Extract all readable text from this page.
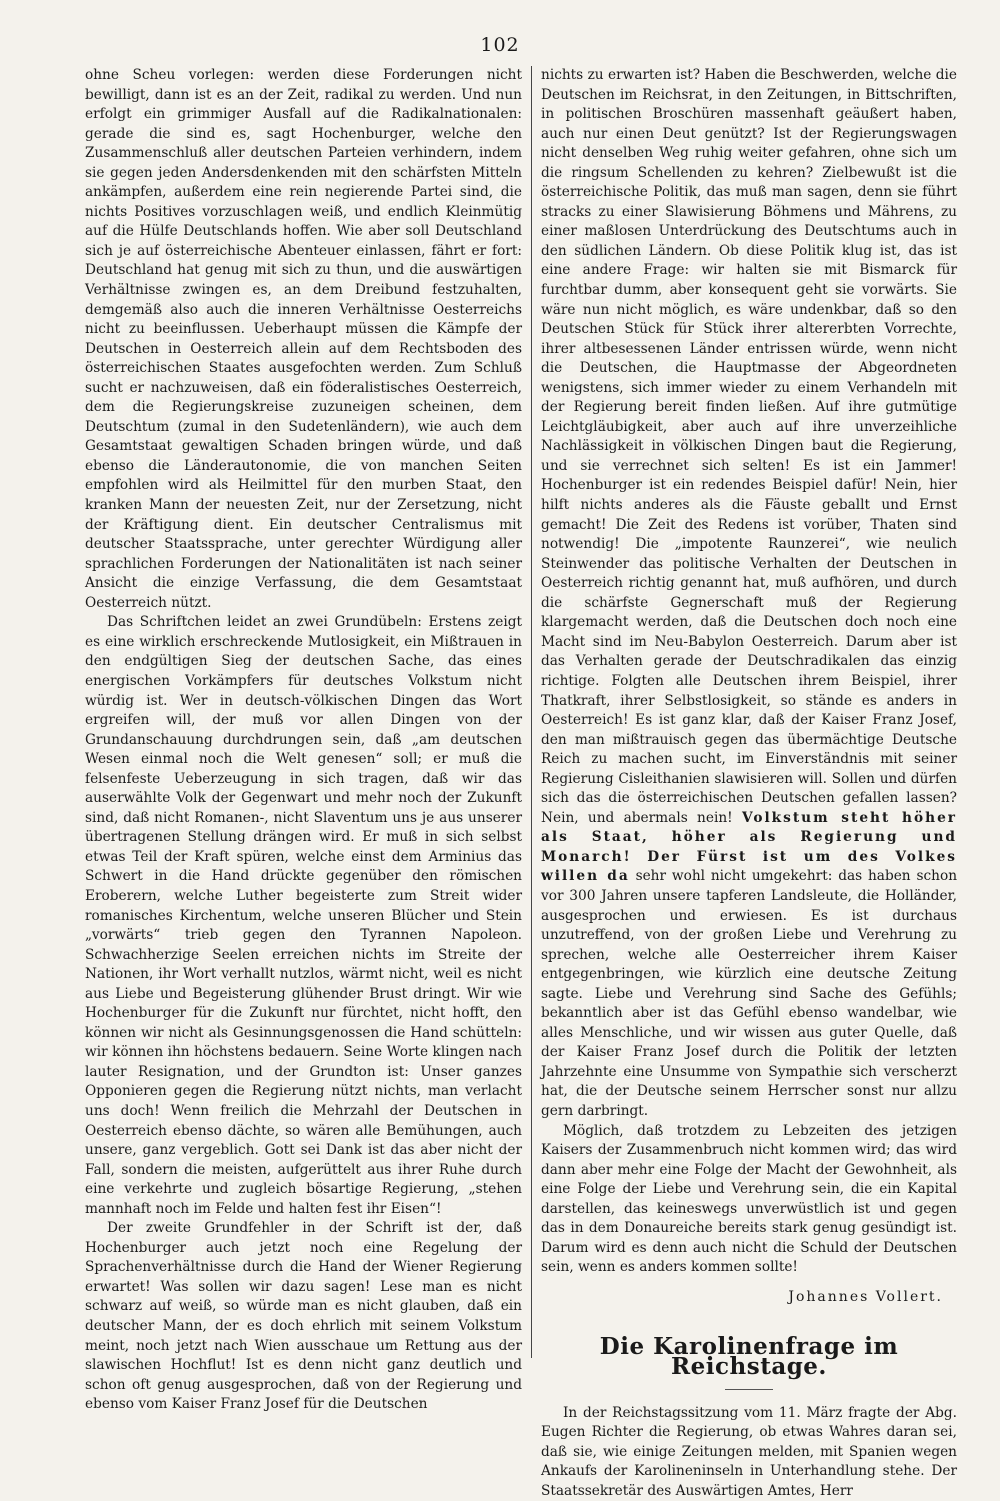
102

ohne Scheu vorlegen: werden diese Forderungen nicht bewilligt, dann ist es an der Zeit, radikal zu werden. Und nun erfolgt ein grimmiger Ausfall auf die Radikalnationalen: gerade die sind es, sagt Hochenburger, welche den Zusammenschluß aller deutschen Parteien verhindern, indem sie gegen jeden Andersdenkenden mit den schärfsten Mitteln ankämpfen, außerdem eine rein negierende Partei sind, die nichts Positives vorzuschlagen weiß, und endlich Kleinmütig auf die Hülfe Deutschlands hoffen. Wie aber soll Deutschland sich je auf österreichische Abenteuer einlassen, fährt er fort: Deutschland hat genug mit sich zu thun, und die auswärtigen Verhältnisse zwingen es, an dem Dreibund festzuhalten, demgemäß also auch die inneren Verhältnisse Oesterreichs nicht zu beeinflussen. Ueberhaupt müssen die Kämpfe der Deutschen in Oesterreich allein auf dem Rechtsboden des österreichischen Staates ausgefochten werden. Zum Schluß sucht er nachzuweisen, daß ein föderalistisches Oesterreich, dem die Regierungskreise zuzuneigen scheinen, dem Deutschtum (zumal in den Sudetenländern), wie auch dem Gesamtstaat gewaltigen Schaden bringen würde, und daß ebenso die Länderautonomie, die von manchen Seiten empfohlen wird als Heilmittel für den murben Staat, den kranken Mann der neuesten Zeit, nur der Zersetzung, nicht der Kräftigung dient. Ein deutscher Centralismus mit deutscher Staatssprache, unter gerechter Würdigung aller sprachlichen Forderungen der Nationalitäten ist nach seiner Ansicht die einzige Verfassung, die dem Gesamtstaat Oesterreich nützt.

Das Schriftchen leidet an zwei Grundübeln: Erstens zeigt es eine wirklich erschreckende Mutlosigkeit, ein Mißtrauen in den endgültigen Sieg der deutschen Sache, das eines energischen Vorkämpfers für deutsches Volkstum nicht würdig ist. Wer in deutsch-völkischen Dingen das Wort ergreifen will, der muß vor allen Dingen von der Grundanschauung durchdrungen sein, daß „am deutschen Wesen einmal noch die Welt genesen“ soll; er muß die felsenfeste Ueberzeugung in sich tragen, daß wir das auserwählte Volk der Gegenwart und mehr noch der Zukunft sind, daß nicht Romanen-, nicht Slaventum uns je aus unserer übertragenen Stellung drängen wird. Er muß in sich selbst etwas Teil der Kraft spüren, welche einst dem Arminius das Schwert in die Hand drückte gegenüber den römischen Eroberern, welche Luther begeisterte zum Streit wider romanisches Kirchentum, welche unseren Blücher und Stein „vorwärts“ trieb gegen den Tyrannen Napoleon. Schwachherzige Seelen erreichen nichts im Streite der Nationen, ihr Wort verhallt nutzlos, wärmt nicht, weil es nicht aus Liebe und Begeisterung glühender Brust dringt. Wir wie Hochenburger für die Zukunft nur fürchtet, nicht hofft, den können wir nicht als Gesinnungsgenossen die Hand schütteln: wir können ihn höchstens bedauern. Seine Worte klingen nach lauter Resignation, und der Grundton ist: Unser ganzes Opponieren gegen die Regierung nützt nichts, man verlacht uns doch! Wenn freilich die Mehrzahl der Deutschen in Oesterreich ebenso dächte, so wären alle Bemühungen, auch unsere, ganz vergeblich. Gott sei Dank ist das aber nicht der Fall, sondern die meisten, aufgerüttelt aus ihrer Ruhe durch eine verkehrte und zugleich bösartige Regierung, „stehen mannhaft noch im Felde und halten fest ihr Eisen“!

Der zweite Grundfehler in der Schrift ist der, daß Hochenburger auch jetzt noch eine Regelung der Sprachenverhältnisse durch die Hand der Wiener Regierung erwartet! Was sollen wir dazu sagen! Lese man es nicht schwarz auf weiß, so würde man es nicht glauben, daß ein deutscher Mann, der es doch ehrlich mit seinem Volkstum meint, noch jetzt nach Wien ausschaue um Rettung aus der slawischen Hochflut! Ist es denn nicht ganz deutlich und schon oft genug ausgesprochen, daß von der Regierung und ebenso vom Kaiser Franz Josef für die Deutschen

nichts zu erwarten ist? Haben die Beschwerden, welche die Deutschen im Reichsrat, in den Zeitungen, in Bittschriften, in politischen Broschüren massenhaft geäußert haben, auch nur einen Deut genützt? Ist der Regierungswagen nicht denselben Weg ruhig weiter gefahren, ohne sich um die ringsum Schellenden zu kehren? Zielbewußt ist die österreichische Politik, das muß man sagen, denn sie führt stracks zu einer Slawisierung Böhmens und Mährens, zu einer maßlosen Unterdrückung des Deutschtums auch in den südlichen Ländern. Ob diese Politik klug ist, das ist eine andere Frage: wir halten sie mit Bismarck für furchtbar dumm, aber konsequent geht sie vorwärts. Sie wäre nun nicht möglich, es wäre undenkbar, daß so den Deutschen Stück für Stück ihrer altererbten Vorrechte, ihrer altbesessenen Länder entrissen würde, wenn nicht die Deutschen, die Hauptmasse der Abgeordneten wenigstens, sich immer wieder zu einem Verhandeln mit der Regierung bereit finden ließen. Auf ihre gutmütige Leichtgläubigkeit, aber auch auf ihre unverzeihliche Nachlässigkeit in völkischen Dingen baut die Regierung, und sie verrechnet sich selten! Es ist ein Jammer! Hochenburger ist ein redendes Beispiel dafür! Nein, hier hilft nichts anderes als die Fäuste geballt und Ernst gemacht! Die Zeit des Redens ist vorüber, Thaten sind notwendig! Die „impotente Raunzerei“, wie neulich Steinwender das politische Verhalten der Deutschen in Oesterreich richtig genannt hat, muß aufhören, und durch die schärfste Gegnerschaft muß der Regierung klargemacht werden, daß die Deutschen doch noch eine Macht sind im Neu-Babylon Oesterreich. Darum aber ist das Verhalten gerade der Deutschradikalen das einzig richtige. Folgten alle Deutschen ihrem Beispiel, ihrer Thatkraft, ihrer Selbstlosigkeit, so stände es anders in Oesterreich! Es ist ganz klar, daß der Kaiser Franz Josef, den man mißtrauisch gegen das übermächtige Deutsche Reich zu machen sucht, im Einverständnis mit seiner Regierung Cisleithanien slawisieren will. Sollen und dürfen sich das die österreichischen Deutschen gefallen lassen? Nein, und abermals nein! Volkstum steht höher als Staat, höher als Regierung und Monarch! Der Fürst ist um des Volkes willen da sehr wohl nicht umgekehrt: das haben schon vor 300 Jahren unsere tapferen Landsleute, die Holländer, ausgesprochen und erwiesen. Es ist durchaus unzutreffend, von der großen Liebe und Verehrung zu sprechen, welche alle Oesterreicher ihrem Kaiser entgegenbringen, wie kürzlich eine deutsche Zeitung sagte. Liebe und Verehrung sind Sache des Gefühls; bekanntlich aber ist das Gefühl ebenso wandelbar, wie alles Menschliche, und wir wissen aus guter Quelle, daß der Kaiser Franz Josef durch die Politik der letzten Jahrzehnte eine Unsumme von Sympathie sich verscherzt hat, die der Deutsche seinem Herrscher sonst nur allzu gern darbringt.

Möglich, daß trotzdem zu Lebzeiten des jetzigen Kaisers der Zusammenbruch nicht kommen wird; das wird dann aber mehr eine Folge der Macht der Gewohnheit, als eine Folge der Liebe und Verehrung sein, die ein Kapital darstellen, das keineswegs unverwüstlich ist und gegen das in dem Donaureiche bereits stark genug gesündigt ist. Darum wird es denn auch nicht die Schuld der Deutschen sein, wenn es anders kommen sollte!

Johannes Vollert.
Die Karolinenfrage im Reichstage.

In der Reichstagssitzung vom 11. März fragte der Abg. Eugen Richter die Regierung, ob etwas Wahres daran sei, daß sie, wie einige Zeitungen melden, mit Spanien wegen Ankaufs der Karolineninseln in Unterhandlung stehe. Der Staatssekretär des Auswärtigen Amtes, Herr
